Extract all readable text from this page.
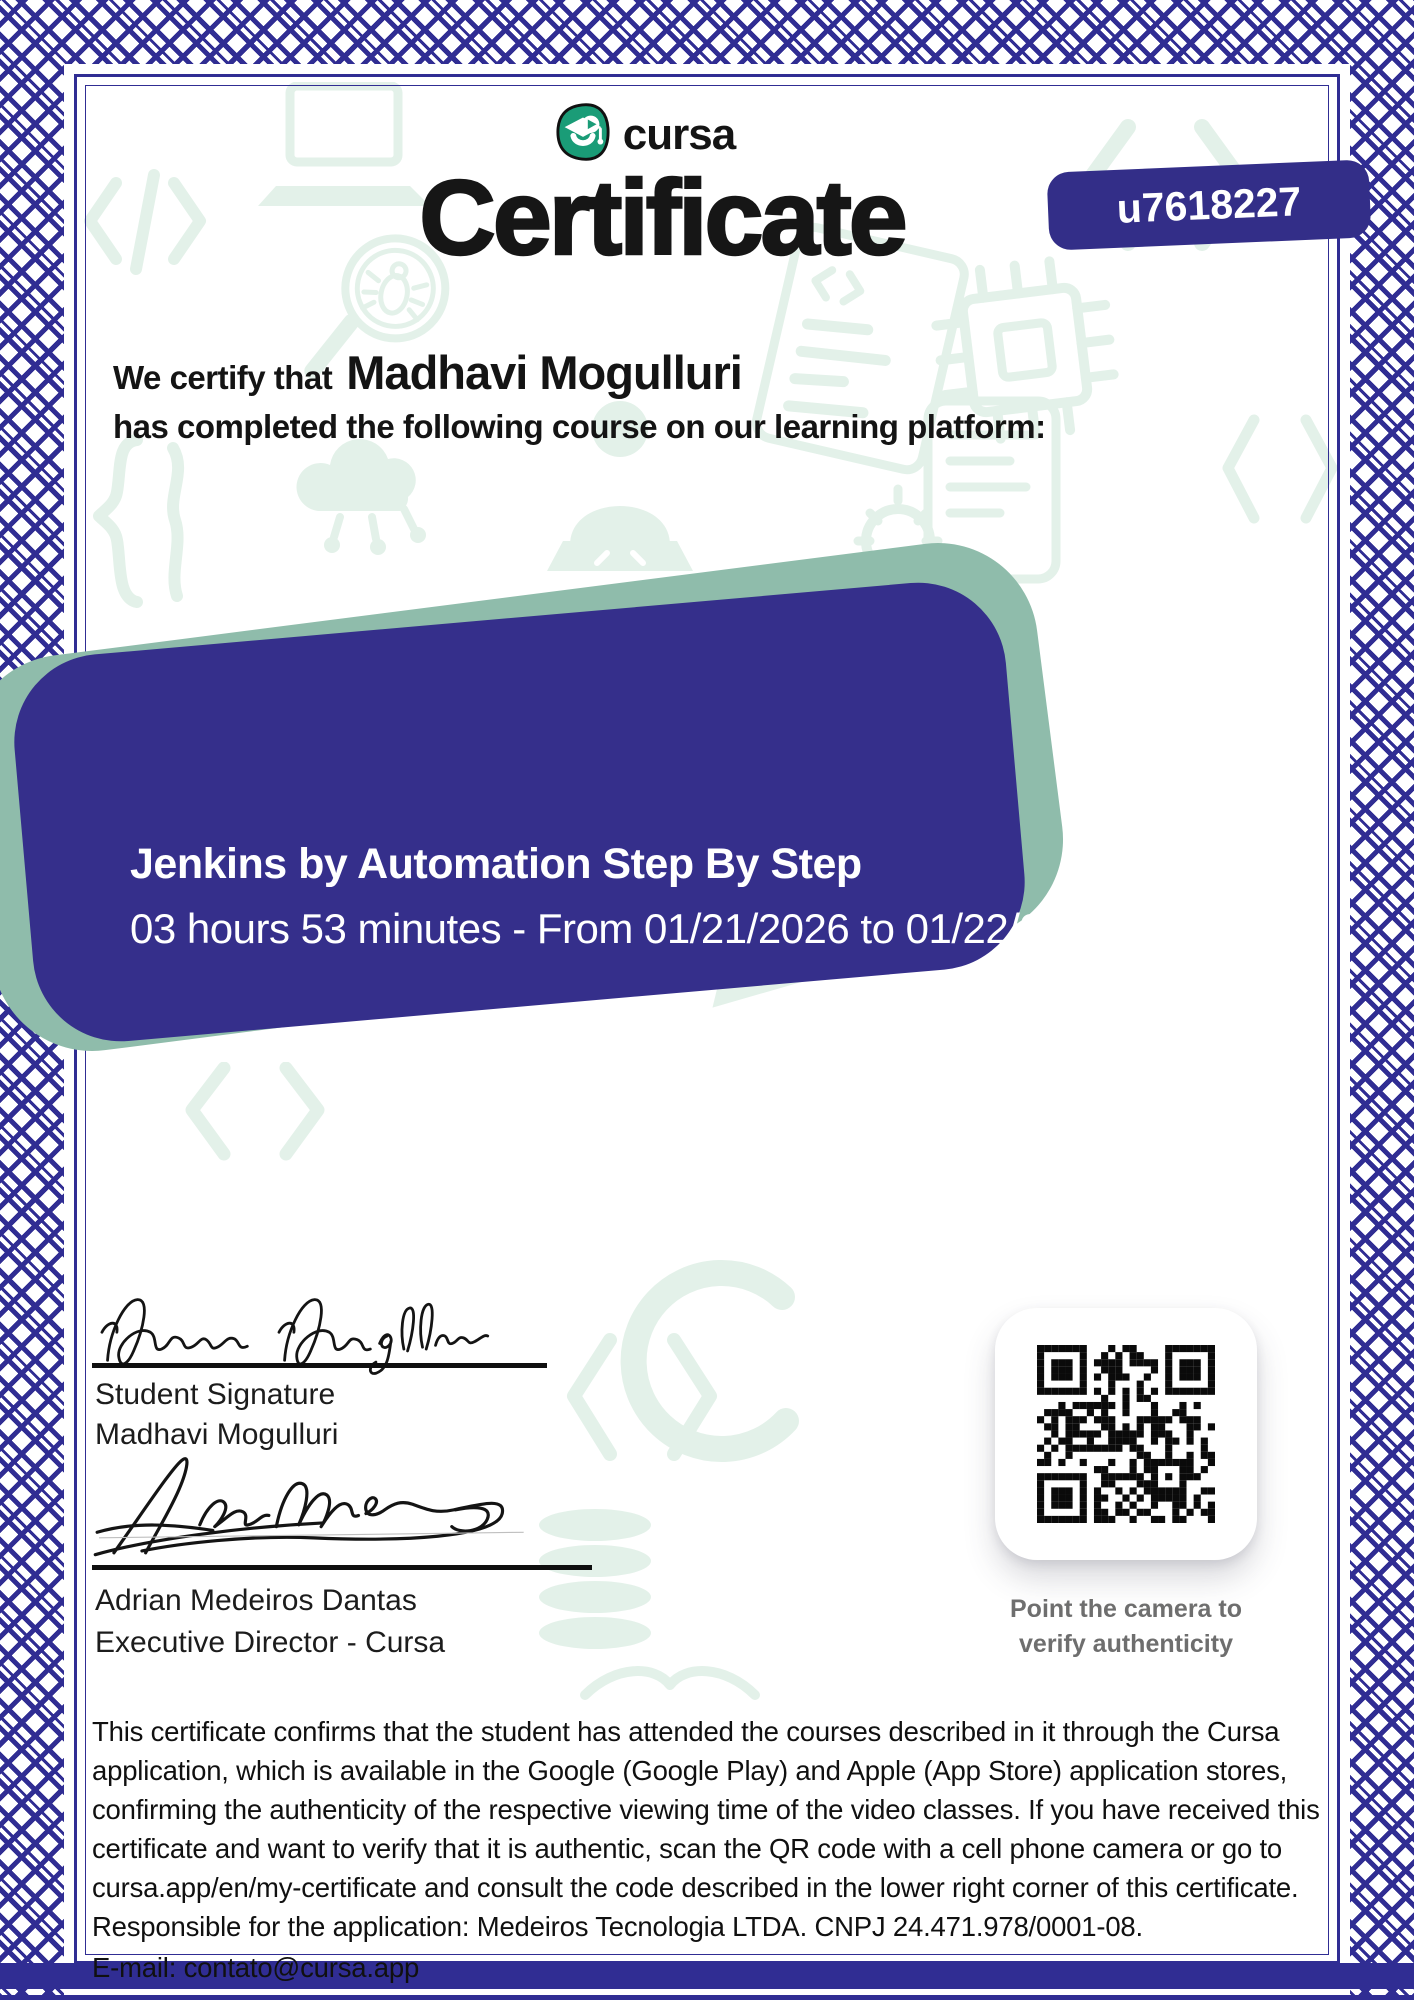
cursa
Certificate	u7618227
We certify that Madhavi Mogulluri
has completed the following course on our learning platform:
Jenkins by Automation Step By Step
03 hours 53 minutes - From 01/21/2026 to 01/22/2026
Student Signature
Madhavi Mogulluri
Adrian Medeiros Dantas
Executive Director - Cursa
Point the camera to
verify authenticity
This certificate confirms that the student has attended the courses described in it through the Cursa application, which is available in the Google (Google Play) and Apple (App Store) application stores, confirming the authenticity of the respective viewing time of the video classes. If you have received this certificate and want to verify that it is authentic, scan the QR code with a cell phone camera or go to cursa.app/en/my-certificate and consult the code described in the lower right corner of this certificate. Responsible for the application: Medeiros Tecnologia LTDA. CNPJ 24.471.978/0001-08.
E-mail: contato@cursa.app
